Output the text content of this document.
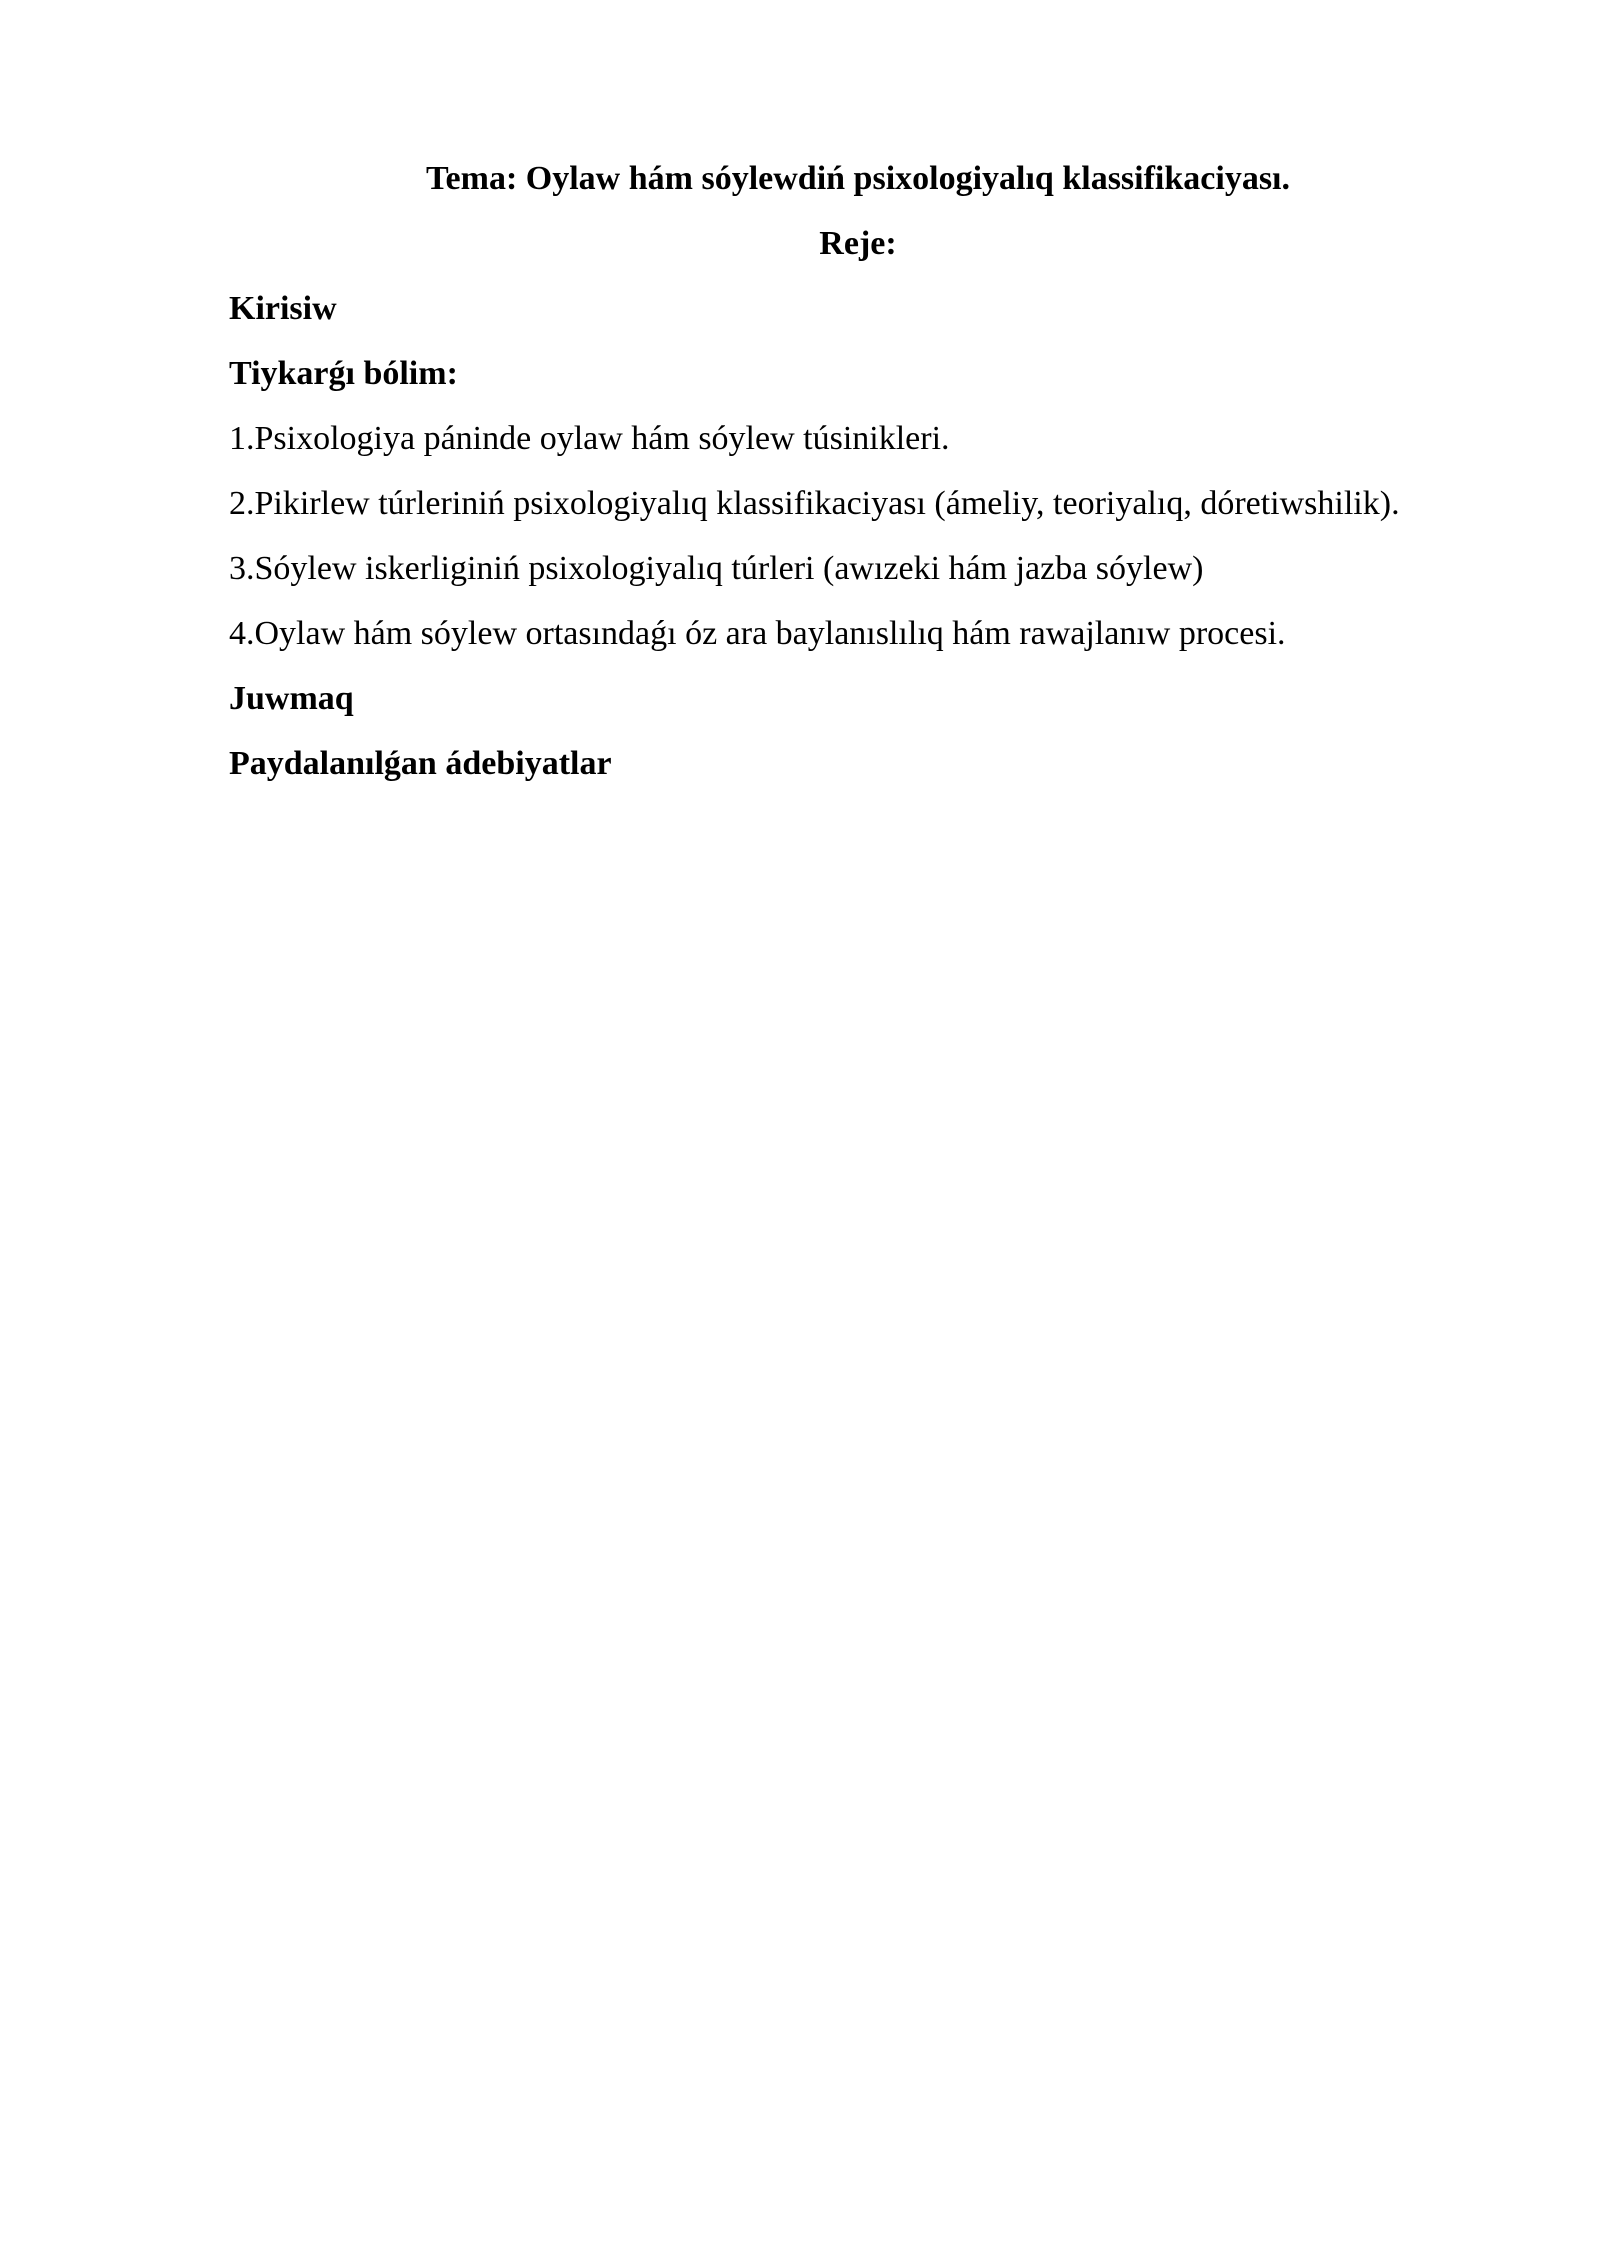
Tema: Oylaw hám sóylewdiń psixologiyalıq klassifikaciyası.

Reje:

Kirisiw

Tiykarǵı bólim:

1.Psixologiya páninde oylaw hám sóylew túsinikleri.

2.Pikirlew túrleriniń psixologiyalıq klassifikaciyası (ámeliy, teoriyalıq, dóretiwshilik).

3.Sóylew iskerliginiń psixologiyalıq túrleri (awızeki hám jazba sóylew)

4.Oylaw hám sóylew ortasındaǵı óz ara baylanıslılıq hám rawajlanıw procesi.

Juwmaq

Paydalanılǵan ádebiyatlar
